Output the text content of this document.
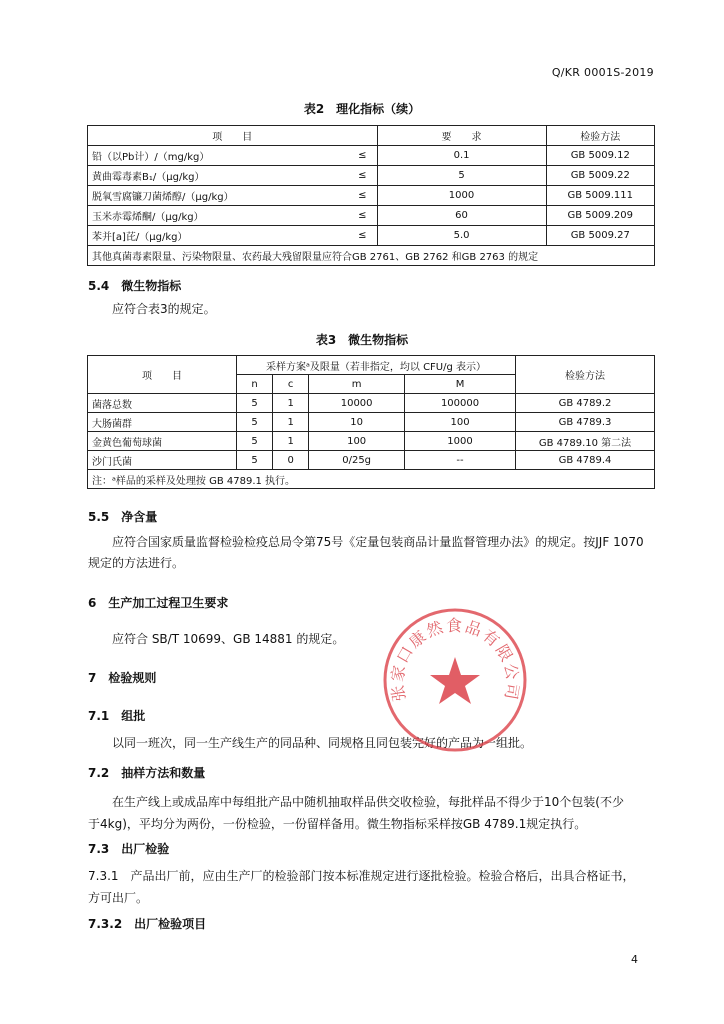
Q/KR 0001S-2019
表2　理化指标（续）
项　　目		要　　求	检验方法
铅（以Pb计）/（mg/kg）	≤	0.1	GB 5009.12
黄曲霉毒素B₁/（μg/kg）	≤	5	GB 5009.22
脱氧雪腐镰刀菌烯醇/（μg/kg）	≤	1000	GB 5009.111
玉米赤霉烯酮/（μg/kg）	≤	60	GB 5009.209
苯并[a]芘/（μg/kg）	≤	5.0	GB 5009.27
其他真菌毒素限量、污染物限量、农药最大残留限量应符合GB 2761、GB 2762 和GB 2763 的规定			
5.4　微生物指标
应符合表3的规定。
表3　微生物指标
项　　目	采样方案ᵃ及限量（若非指定，均以 CFU/g 表示）				检验方法
	n	c	m	M	
菌落总数	5	1	10000	100000	GB 4789.2
大肠菌群	5	1	10	100	GB 4789.3
金黄色葡萄球菌	5	1	100	1000	GB 4789.10 第二法
沙门氏菌	5	0	0/25g	--	GB 4789.4
注：ᵃ样品的采样及处理按 GB 4789.1 执行。					
5.5　净含量
应符合国家质量监督检验检疫总局令第75号《定量包装商品计量监督管理办法》的规定。按JJF 1070
规定的方法进行。
6　生产加工过程卫生要求
应符合 SB/T 10699、GB 14881 的规定。
7　检验规则
7.1　组批
以同一班次，同一生产线生产的同品种、同规格且同包装完好的产品为一组批。
7.2　抽样方法和数量
在生产线上或成品库中每组批产品中随机抽取样品供交收检验，每批样品不得少于10个包装(不少
于4kg)，平均分为两份，一份检验，一份留样备用。微生物指标采样按GB 4789.1规定执行。
7.3　出厂检验
7.3.1　产品出厂前，应由生产厂的检验部门按本标准规定进行逐批检验。检验合格后，出具合格证书，
方可出厂。
7.3.2　出厂检验项目
张家口康然食品有限公司
4
